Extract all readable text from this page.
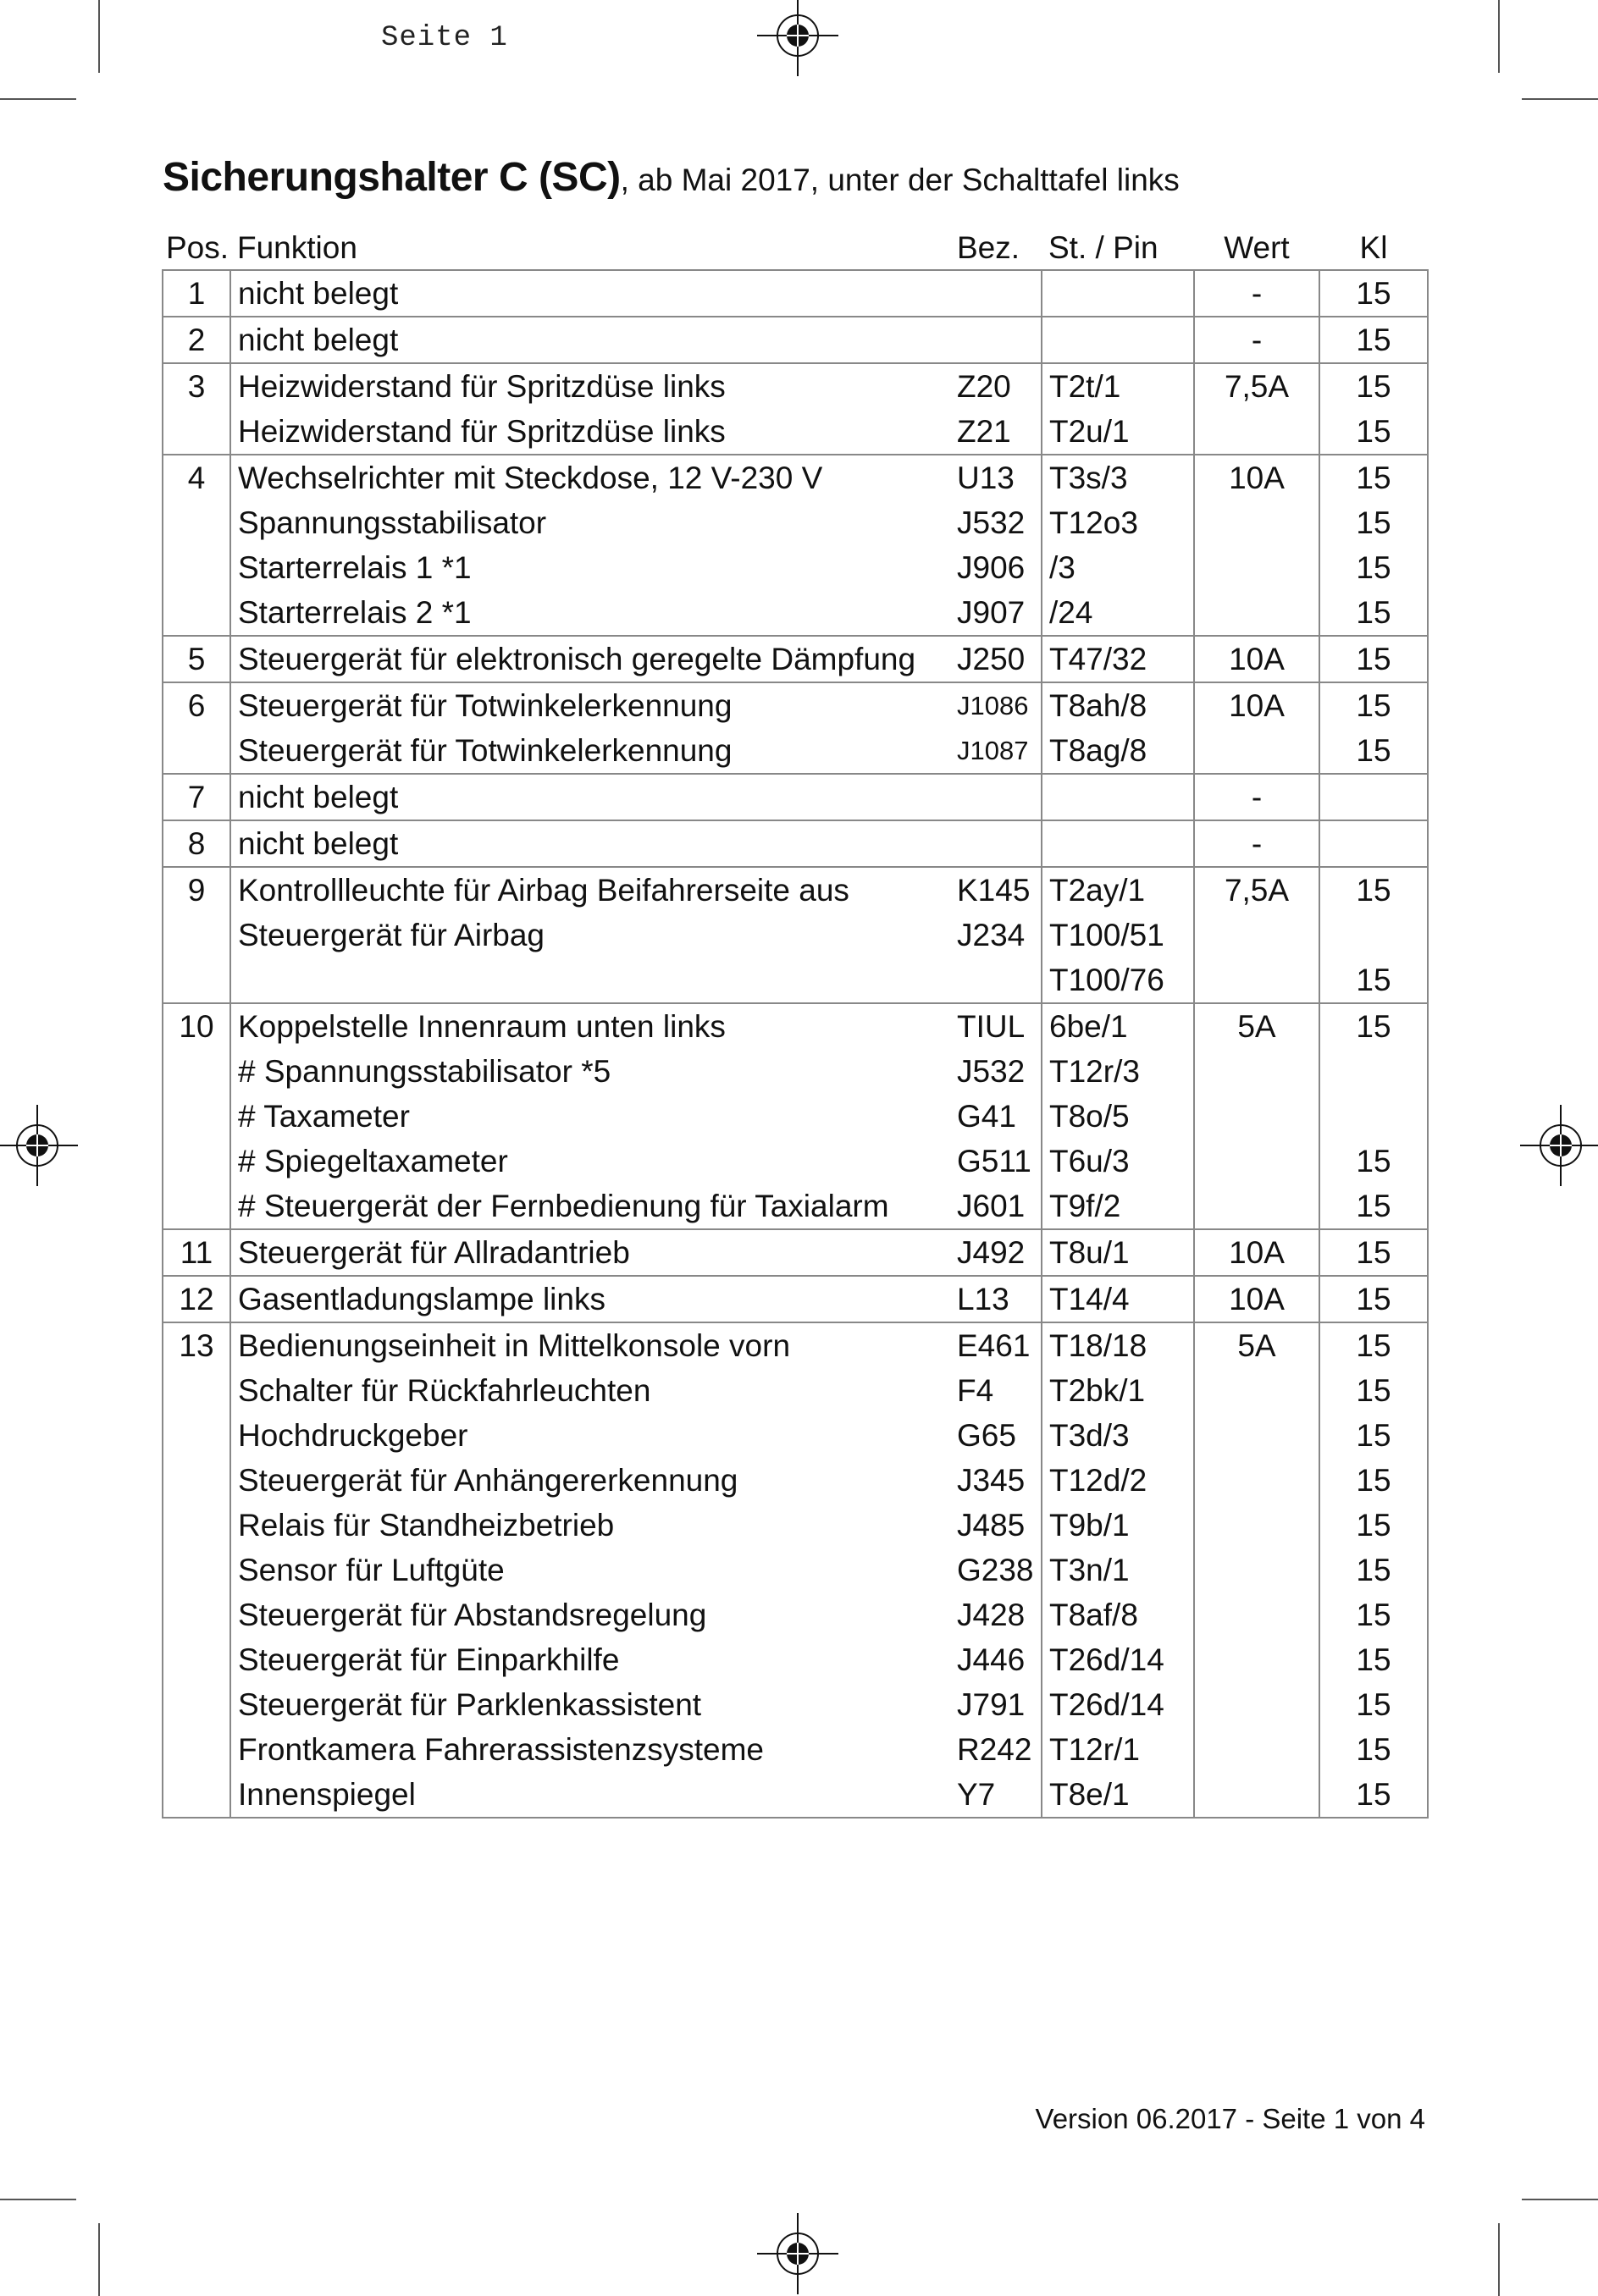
Seite 1
Sicherungshalter C (SC), ab Mai 2017, unter der Schalttafel links
Pos.	Funktion	Bez.	St. / Pin	Wert	Kl
1	nicht belegt			-	15
2	nicht belegt			-	15
3	Heizwiderstand für Spritzdüse links	Z20	T2t/1	7,5A	15
	Heizwiderstand für Spritzdüse links	Z21	T2u/1		15
4	Wechselrichter mit Steckdose, 12 V-230 V	U13	T3s/3	10A	15
	Spannungsstabilisator	J532	T12o3		15
	Starterrelais 1 *1	J906	/3		15
	Starterrelais 2 *1	J907	/24		15
5	Steuergerät für elektronisch geregelte Dämpfung	J250	T47/32	10A	15
6	Steuergerät für Totwinkelerkennung	J1086	T8ah/8	10A	15
	Steuergerät für Totwinkelerkennung	J1087	T8ag/8		15
7	nicht belegt			-	
8	nicht belegt			-	
9	Kontrollleuchte für Airbag Beifahrerseite aus	K145	T2ay/1	7,5A	15
	Steuergerät für Airbag	J234	T100/51		
			T100/76		15
10	Koppelstelle Innenraum unten links	TIUL	6be/1	5A	15
	# Spannungsstabilisator *5	J532	T12r/3		
	# Taxameter	G41	T8o/5		
	# Spiegeltaxameter	G511	T6u/3		15
	# Steuergerät der Fernbedienung für Taxialarm	J601	T9f/2		15
11	Steuergerät für Allradantrieb	J492	T8u/1	10A	15
12	Gasentladungslampe links	L13	T14/4	10A	15
13	Bedienungseinheit in Mittelkonsole vorn	E461	T18/18	5A	15
	Schalter für Rückfahrleuchten	F4	T2bk/1		15
	Hochdruckgeber	G65	T3d/3		15
	Steuergerät für Anhängererkennung	J345	T12d/2		15
	Relais für Standheizbetrieb	J485	T9b/1		15
	Sensor für Luftgüte	G238	T3n/1		15
	Steuergerät für Abstandsregelung	J428	T8af/8		15
	Steuergerät für Einparkhilfe	J446	T26d/14		15
	Steuergerät für Parklenkassistent	J791	T26d/14		15
	Frontkamera Fahrerassistenzsysteme	R242	T12r/1		15
	Innenspiegel	Y7	T8e/1		15
Version 06.2017 - Seite 1 von 4
